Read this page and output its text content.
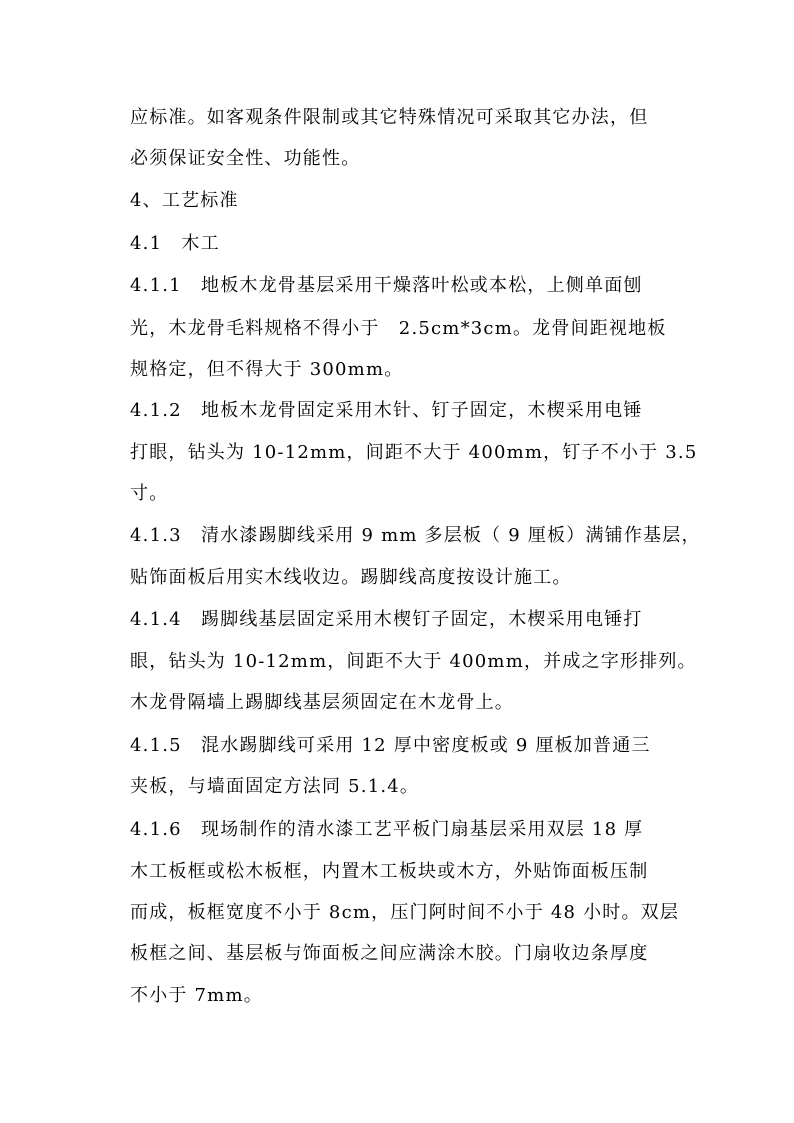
应标准。如客观条件限制或其它特殊情况可采取其它办法，但
必须保证安全性、功能性。
4、工艺标准
4.1　木工
4.1.1　地板木龙骨基层采用干燥落叶松或本松，上侧单面刨
光，木龙骨毛料规格不得小于　2.5cm*3cm。龙骨间距视地板
规格定，但不得大于 300mm。
4.1.2　地板木龙骨固定采用木针、钉子固定，木楔采用电锤
打眼，钻头为 10-12mm，间距不大于 400mm，钉子不小于 3.5
寸。
4.1.3　清水漆踢脚线采用 9 mm 多层板（ 9 厘板）满铺作基层，
贴饰面板后用实木线收边。踢脚线高度按设计施工。
4.1.4　踢脚线基层固定采用木楔钉子固定，木楔采用电锤打
眼，钻头为 10-12mm，间距不大于 400mm，并成之字形排列。
木龙骨隔墙上踢脚线基层须固定在木龙骨上。
4.1.5　混水踢脚线可采用 12 厚中密度板或 9 厘板加普通三
夹板，与墙面固定方法同 5.1.4。
4.1.6　现场制作的清水漆工艺平板门扇基层采用双层 18 厚
木工板框或松木板框，内置木工板块或木方，外贴饰面板压制
而成，板框宽度不小于 8cm，压门阿时间不小于 48 小时。双层
板框之间、基层板与饰面板之间应满涂木胶。门扇收边条厚度
不小于 7mm。
